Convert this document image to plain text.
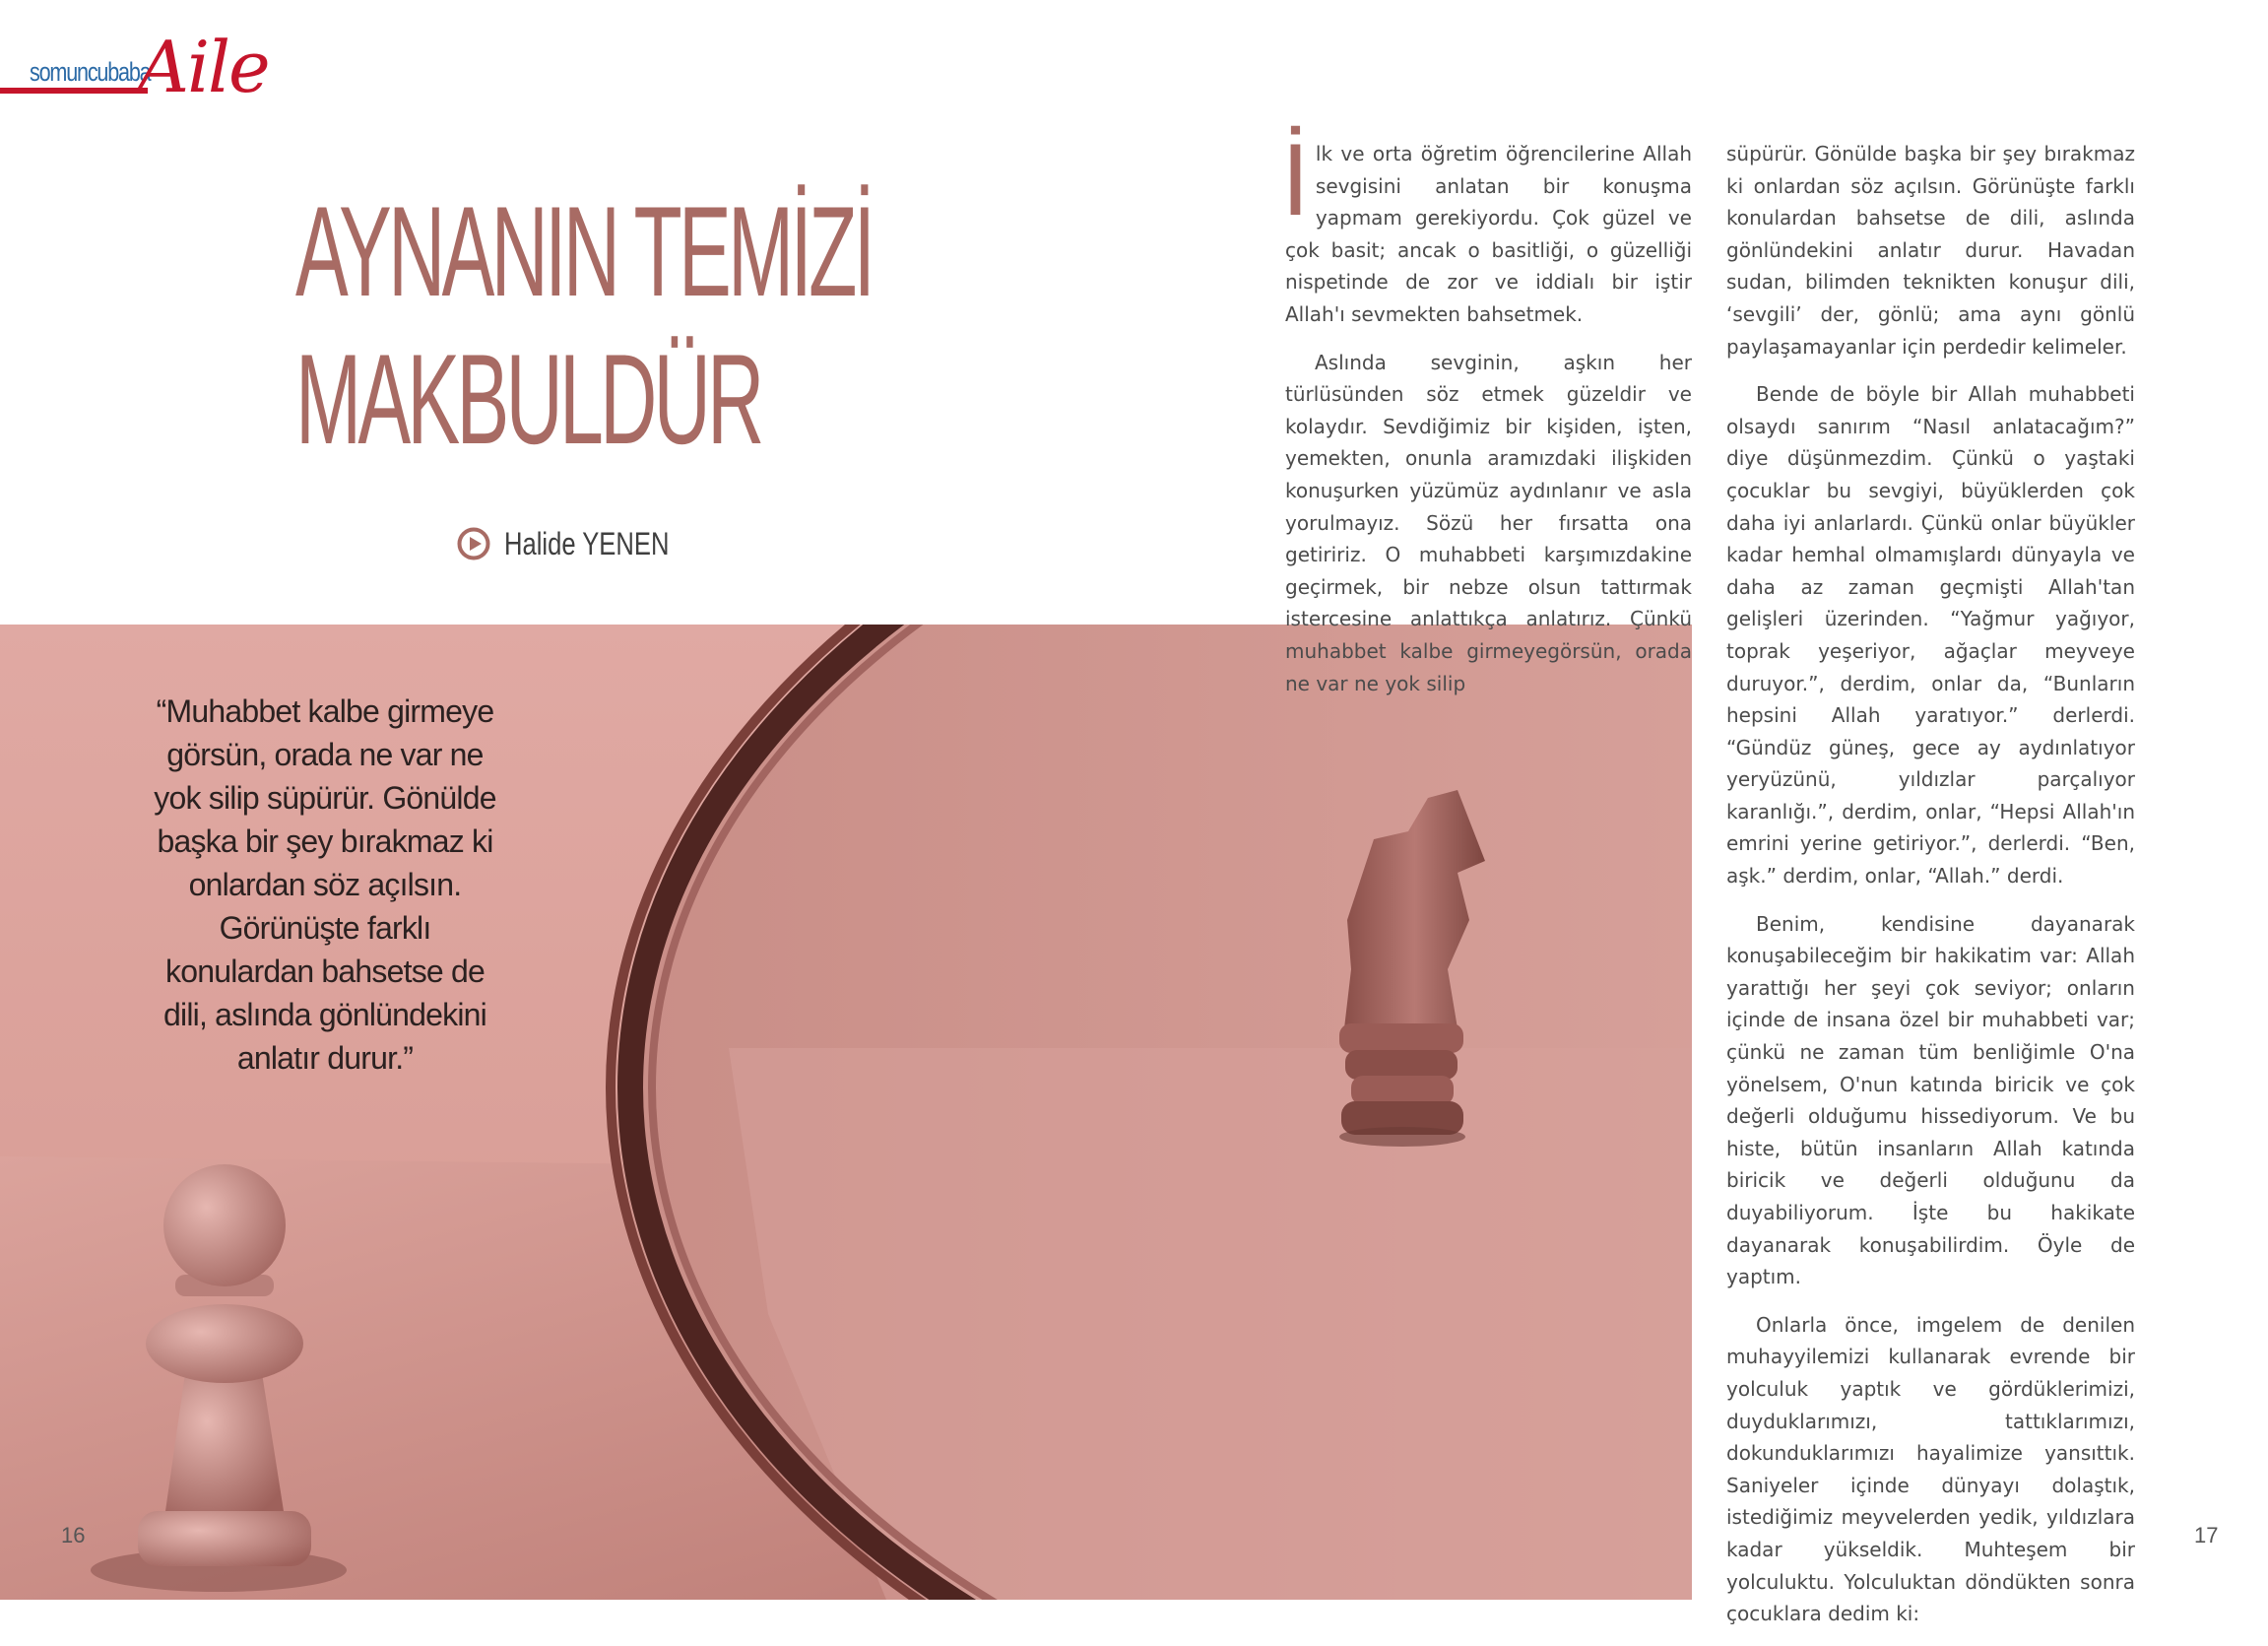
somuncubaba
Aile
AYNANIN TEMİZİ
MAKBULDÜR
Halide YENEN
“Muhabbet kalbe girmeye görsün, orada ne var ne yok silip süpürür. Gönülde başka bir şey bırakmaz ki onlardan söz açılsın. Görünüşte farklı konulardan bahsetse de dili, aslında gönlündekini anlatır durur.”

İlk ve orta öğretim öğrencilerine Allah sevgisini anlatan bir konuşma yapmam gerekiyordu. Çok güzel ve çok basit; ancak o basitliği, o güzelliği nispetinde de zor ve iddialı bir iştir Allah'ı sevmekten bahsetmek.

Aslında sevginin, aşkın her türlüsünden söz etmek güzeldir ve kolaydır. Sevdiğimiz bir kişiden, işten, yemekten, onunla aramızdaki ilişkiden konuşurken yüzümüz aydınlanır ve asla yorulmayız. Sözü her fırsatta ona getiririz. O muhabbeti karşımızdakine geçirmek, bir nebze olsun tattırmak istercesine anlattıkça anlatırız. Çünkü muhabbet kalbe girmeyegörsün, orada ne var ne yok silip

süpürür. Gönülde başka bir şey bırakmaz ki onlardan söz açılsın. Görünüşte farklı konulardan bahsetse de dili, aslında gönlündekini anlatır durur. Havadan sudan, bilimden teknikten konuşur dili, ‘sevgili’ der, gönlü; ama aynı gönlü paylaşamayanlar için perdedir kelimeler.

Bende de böyle bir Allah muhabbeti olsaydı sanırım “Nasıl anlatacağım?” diye düşünmezdim. Çünkü o yaştaki çocuklar bu sevgiyi, büyüklerden çok daha iyi anlarlardı. Çünkü onlar büyükler kadar hemhal olmamışlardı dünyayla ve daha az zaman geçmişti Allah'tan gelişleri üzerinden. “Yağmur yağıyor, toprak yeşeriyor, ağaçlar meyveye duruyor.”, derdim, onlar da, “Bunların hepsini Allah yaratıyor.” derlerdi. “Gündüz güneş, gece ay aydınlatıyor yeryüzünü, yıldızlar parçalıyor karanlığı.”, derdim, onlar, “Hepsi Allah'ın emrini yerine getiriyor.”, derlerdi. “Ben, aşk.” derdim, onlar, “Allah.” derdi.

Benim, kendisine dayanarak konuşabileceğim bir hakikatim var: Allah yarattığı her şeyi çok seviyor; onların içinde de insana özel bir muhabbeti var; çünkü ne zaman tüm benliğimle O'na yönelsem, O'nun katında biricik ve çok değerli olduğumu hissediyorum. Ve bu histe, bütün insanların Allah katında biricik ve değerli olduğunu da duyabiliyorum. İşte bu hakikate dayanarak konuşabilirdim. Öyle de yaptım.

Onlarla önce, imgelem de denilen muhayyilemizi kullanarak evrende bir yolculuk yaptık ve gördüklerimizi, duyduklarımızı, tattıklarımızı, dokunduklarımızı hayalimize yansıttık. Saniyeler içinde dünyayı dolaştık, istediğimiz meyvelerden yedik, yıldızlara kadar yükseldik. Muhteşem bir yolculuktu. Yolculuktan döndükten sonra çocuklara dedim ki:

16	17
